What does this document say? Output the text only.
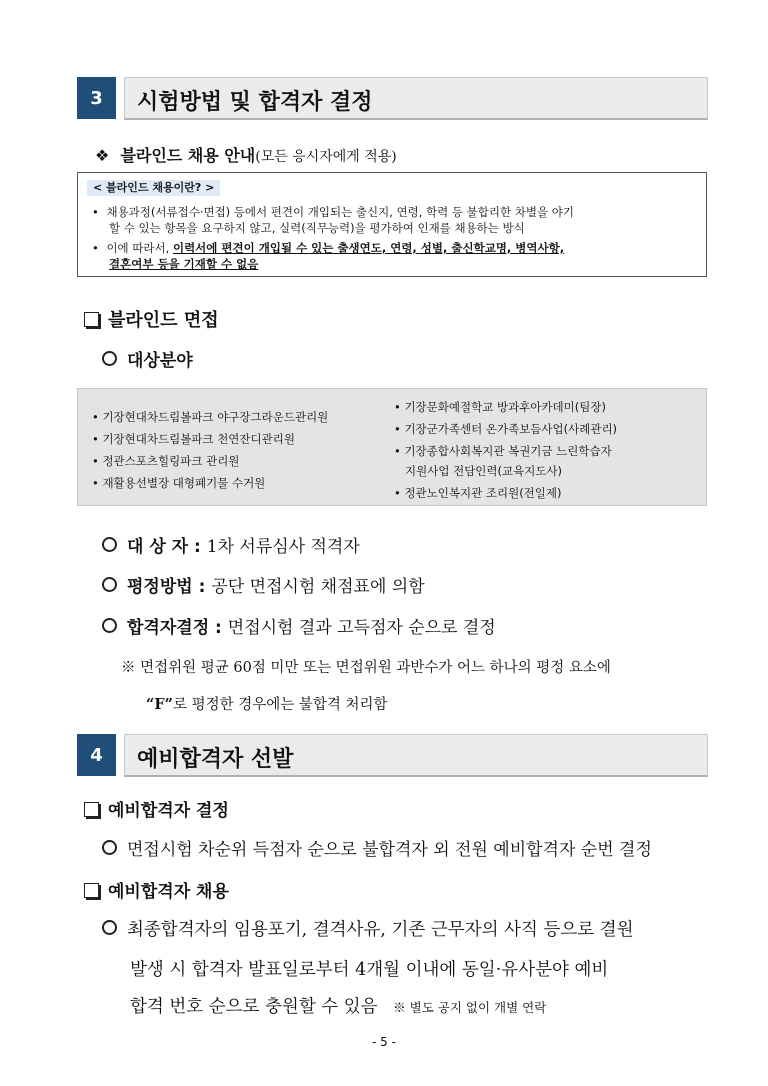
3	시험방법 및 합격자 결정
❖ 블라인드 채용 안내(모든 응시자에게 적용)
< 블라인드 채용이란? >
• 채용과정(서류접수·면접) 등에서 편견이 개입되는 출신지, 연령, 학력 등 불합리한 차별을 야기
할 수 있는 항목을 요구하지 않고, 실력(직무능력)을 평가하여 인재를 채용하는 방식
• 이에 따라서, 이력서에 편견이 개입될 수 있는 출생연도, 연령, 성별, 출신학교명, 병역사항,
결혼여부 등을 기재할 수 없음
블라인드 면접
대상분야
• 기장현대차드림볼파크 야구장그라운드관리원
• 기장현대차드림볼파크 천연잔디관리원
• 정관스포츠힐링파크 관리원
• 재활용선별장 대형폐기물 수거원
• 기장문화예절학교 방과후아카데미(팀장)
• 기장군가족센터 온가족보듬사업(사례관리)
• 기장종합사회복지관 복권기금 느린학습자
지원사업 전담인력(교육지도사)
• 정관노인복지관 조리원(전일제)
대 상 자 : 1차 서류심사 적격자
평정방법 : 공단 면접시험 채점표에 의함
합격자결정 : 면접시험 결과 고득점자 순으로 결정
※ 면접위원 평균 60점 미만 또는 면접위원 과반수가 어느 하나의 평정 요소에
“F”로 평정한 경우에는 불합격 처리함
4	예비합격자 선발
예비합격자 결정
면접시험 차순위 득점자 순으로 불합격자 외 전원 예비합격자 순번 결정
예비합격자 채용
최종합격자의 임용포기, 결격사유, 기존 근무자의 사직 등으로 결원
발생 시 합격자 발표일로부터 4개월 이내에 동일·유사분야 예비
합격 번호 순으로 충원할 수 있음 ※ 별도 공지 없이 개별 연락
- 5 -
